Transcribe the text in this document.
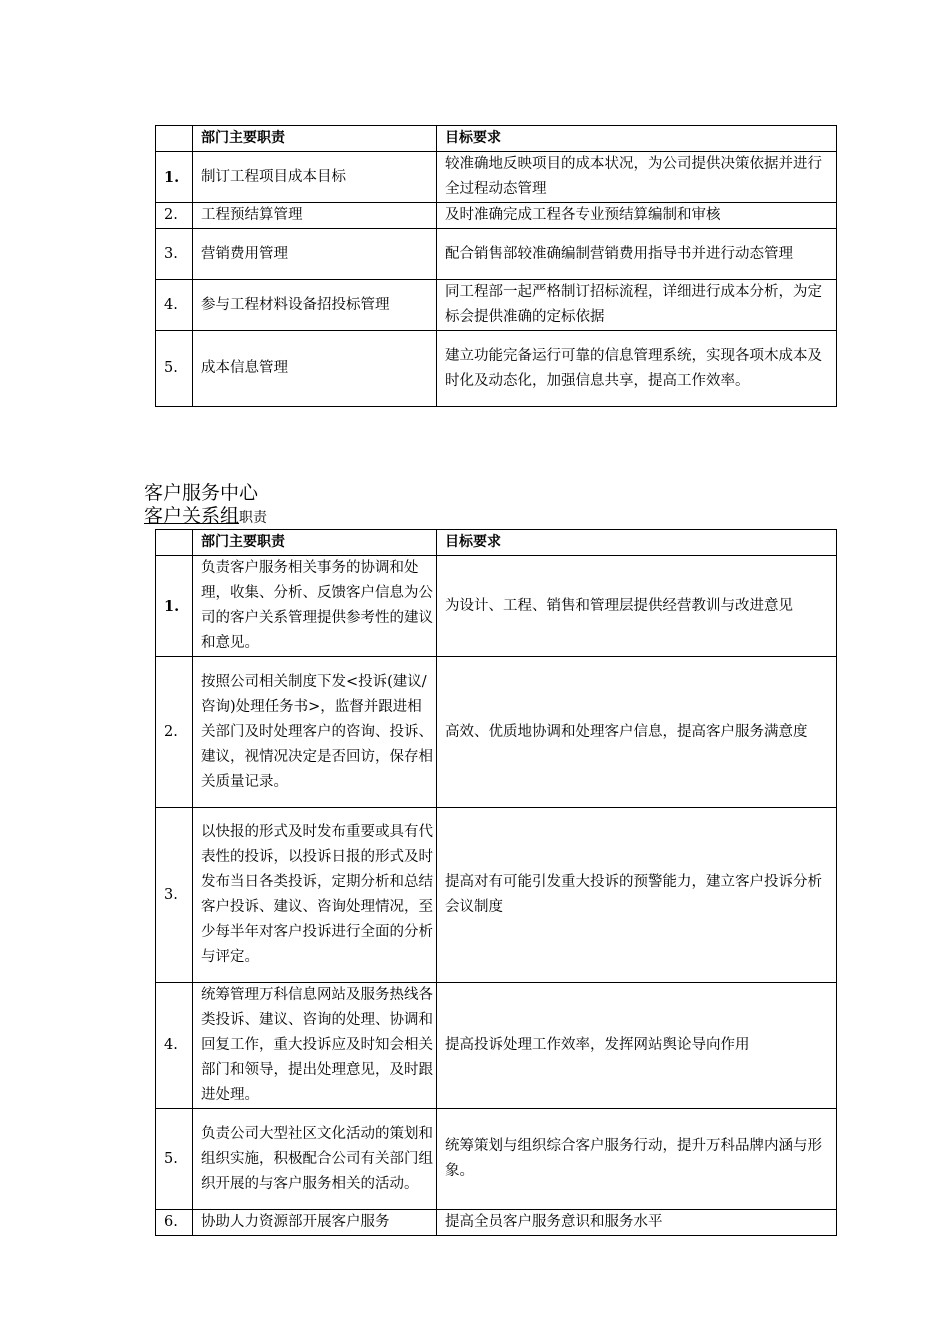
	部门主要职责	目标要求
1.	制订工程项目成本目标	较准确地反映项目的成本状况，为公司提供决策依据并进行全过程动态管理
2.	工程预结算管理	及时准确完成工程各专业预结算编制和审核
3.	营销费用管理	配合销售部较准确编制营销费用指导书并进行动态管理
4.	参与工程材料设备招投标管理	同工程部一起严格制订招标流程，详细进行成本分析，为定标会提供准确的定标依据
5.	成本信息管理	建立功能完备运行可靠的信息管理系统，实现各项木成本及时化及动态化，加强信息共享，提高工作效率。
客户服务中心
客户关系组职责
	部门主要职责	目标要求
1.	负责客户服务相关事务的协调和处理，收集、分析、反馈客户信息为公司的客户关系管理提供参考性的建议和意见。	为设计、工程、销售和管理层提供经营教训与改进意见
2.	按照公司相关制度下发<投诉(建议/咨询)处理任务书>，监督并跟进相关部门及时处理客户的咨询、投诉、建议，视情况决定是否回访，保存相关质量记录。	高效、优质地协调和处理客户信息，提高客户服务满意度
3.	以快报的形式及时发布重要或具有代表性的投诉，以投诉日报的形式及时发布当日各类投诉，定期分析和总结客户投诉、建议、咨询处理情况，至少每半年对客户投诉进行全面的分析与评定。	提高对有可能引发重大投诉的预警能力，建立客户投诉分析会议制度
4.	统筹管理万科信息网站及服务热线各类投诉、建议、咨询的处理、协调和回复工作，重大投诉应及时知会相关部门和领导，提出处理意见，及时跟进处理。	提高投诉处理工作效率，发挥网站舆论导向作用
5.	负责公司大型社区文化活动的策划和组织实施，积极配合公司有关部门组织开展的与客户服务相关的活动。	统筹策划与组织综合客户服务行动，提升万科品牌内涵与形象。
6.	协助人力资源部开展客户服务	提高全员客户服务意识和服务水平
